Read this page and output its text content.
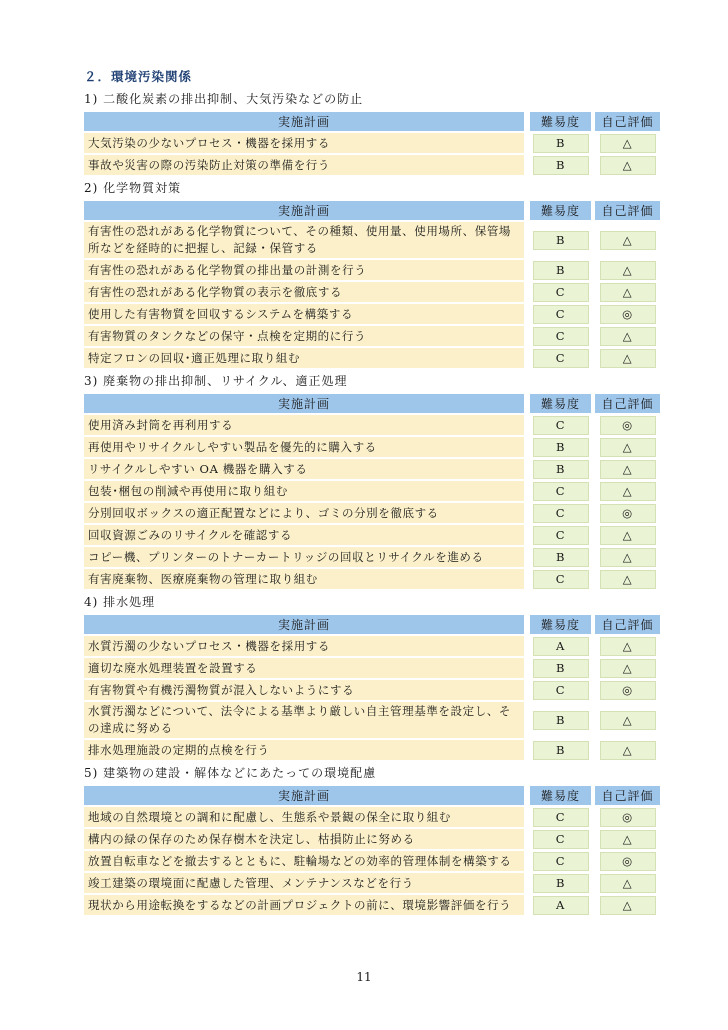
２．環境汚染関係
1) 二酸化炭素の排出抑制、大気汚染などの防止
実施計画	難易度	自己評価
大気汚染の少ないプロセス・機器を採用する	B	△

事故や災害の際の汚染防止対策の準備を行う	B	△
2) 化学物質対策
実施計画	難易度	自己評価
有害性の恐れがある化学物質について、その種類、使用量、使用場所、保管場所などを経時的に把握し、記録・保管する	B	△

有害性の恐れがある化学物質の排出量の計測を行う	B	△

有害性の恐れがある化学物質の表示を徹底する	C	△

使用した有害物質を回収するシステムを構築する	C	◎

有害物質のタンクなどの保守・点検を定期的に行う	C	△

特定フロンの回収･適正処理に取り組む	C	△
3) 廃棄物の排出抑制、リサイクル、適正処理
実施計画	難易度	自己評価
使用済み封筒を再利用する	C	◎

再使用やリサイクルしやすい製品を優先的に購入する	B	△

リサイクルしやすい OA 機器を購入する	B	△

包装･梱包の削減や再使用に取り組む	C	△

分別回収ボックスの適正配置などにより、ゴミの分別を徹底する	C	◎

回収資源ごみのリサイクルを確認する	C	△

コピー機、プリンターのトナーカートリッジの回収とリサイクルを進める	B	△

有害廃棄物、医療廃棄物の管理に取り組む	C	△
4) 排水処理
実施計画	難易度	自己評価
水質汚濁の少ないプロセス・機器を採用する	A	△

適切な廃水処理装置を設置する	B	△

有害物質や有機汚濁物質が混入しないようにする	C	◎

水質汚濁などについて、法令による基準より厳しい自主管理基準を設定し、その達成に努める	B	△

排水処理施設の定期的点検を行う	B	△
5) 建築物の建設・解体などにあたっての環境配慮
実施計画	難易度	自己評価
地域の自然環境との調和に配慮し、生態系や景観の保全に取り組む	C	◎

構内の緑の保存のため保存樹木を決定し、枯損防止に努める	C	△

放置自転車などを撤去するとともに、駐輪場などの効率的管理体制を構築する	C	◎

竣工建築の環境面に配慮した管理、メンテナンスなどを行う	B	△

現状から用途転換をするなどの計画プロジェクトの前に、環境影響評価を行う	A	△
11
